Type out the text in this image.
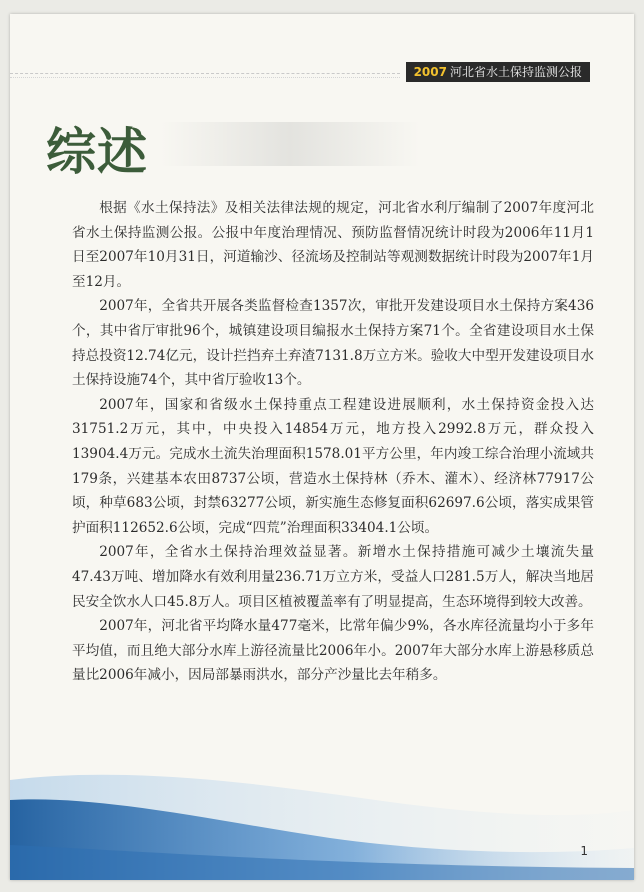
2007 河北省水土保持监测公报
综述

根据《水土保持法》及相关法律法规的规定，河北省水利厅编制了2007年度河北省水土保持监测公报。公报中年度治理情况、预防监督情况统计时段为2006年11月1日至2007年10月31日，河道输沙、径流场及控制站等观测数据统计时段为2007年1月至12月。

2007年，全省共开展各类监督检查1357次，审批开发建设项目水土保持方案436个，其中省厅审批96个，城镇建设项目编报水土保持方案71个。全省建设项目水土保持总投资12.74亿元，设计拦挡弃土弃渣7131.8万立方米。验收大中型开发建设项目水土保持设施74个，其中省厅验收13个。

2007年，国家和省级水土保持重点工程建设进展顺利，水土保持资金投入达31751.2万元，其中，中央投入14854万元，地方投入2992.8万元，群众投入13904.4万元。完成水土流失治理面积1578.01平方公里，年内竣工综合治理小流域共179条，兴建基本农田8737公顷，营造水土保持林（乔木、灌木）、经济林77917公顷，种草683公顷，封禁63277公顷，新实施生态修复面积62697.6公顷，落实成果管护面积112652.6公顷，完成“四荒”治理面积33404.1公顷。

2007年，全省水土保持治理效益显著。新增水土保持措施可减少土壤流失量47.43万吨、增加降水有效利用量236.71万立方米，受益人口281.5万人，解决当地居民安全饮水人口45.8万人。项目区植被覆盖率有了明显提高，生态环境得到较大改善。

2007年，河北省平均降水量477毫米，比常年偏少9%，各水库径流量均小于多年平均值，而且绝大部分水库上游径流量比2006年小。2007年大部分水库上游悬移质总量比2006年减小，因局部暴雨洪水，部分产沙量比去年稍多。

1
